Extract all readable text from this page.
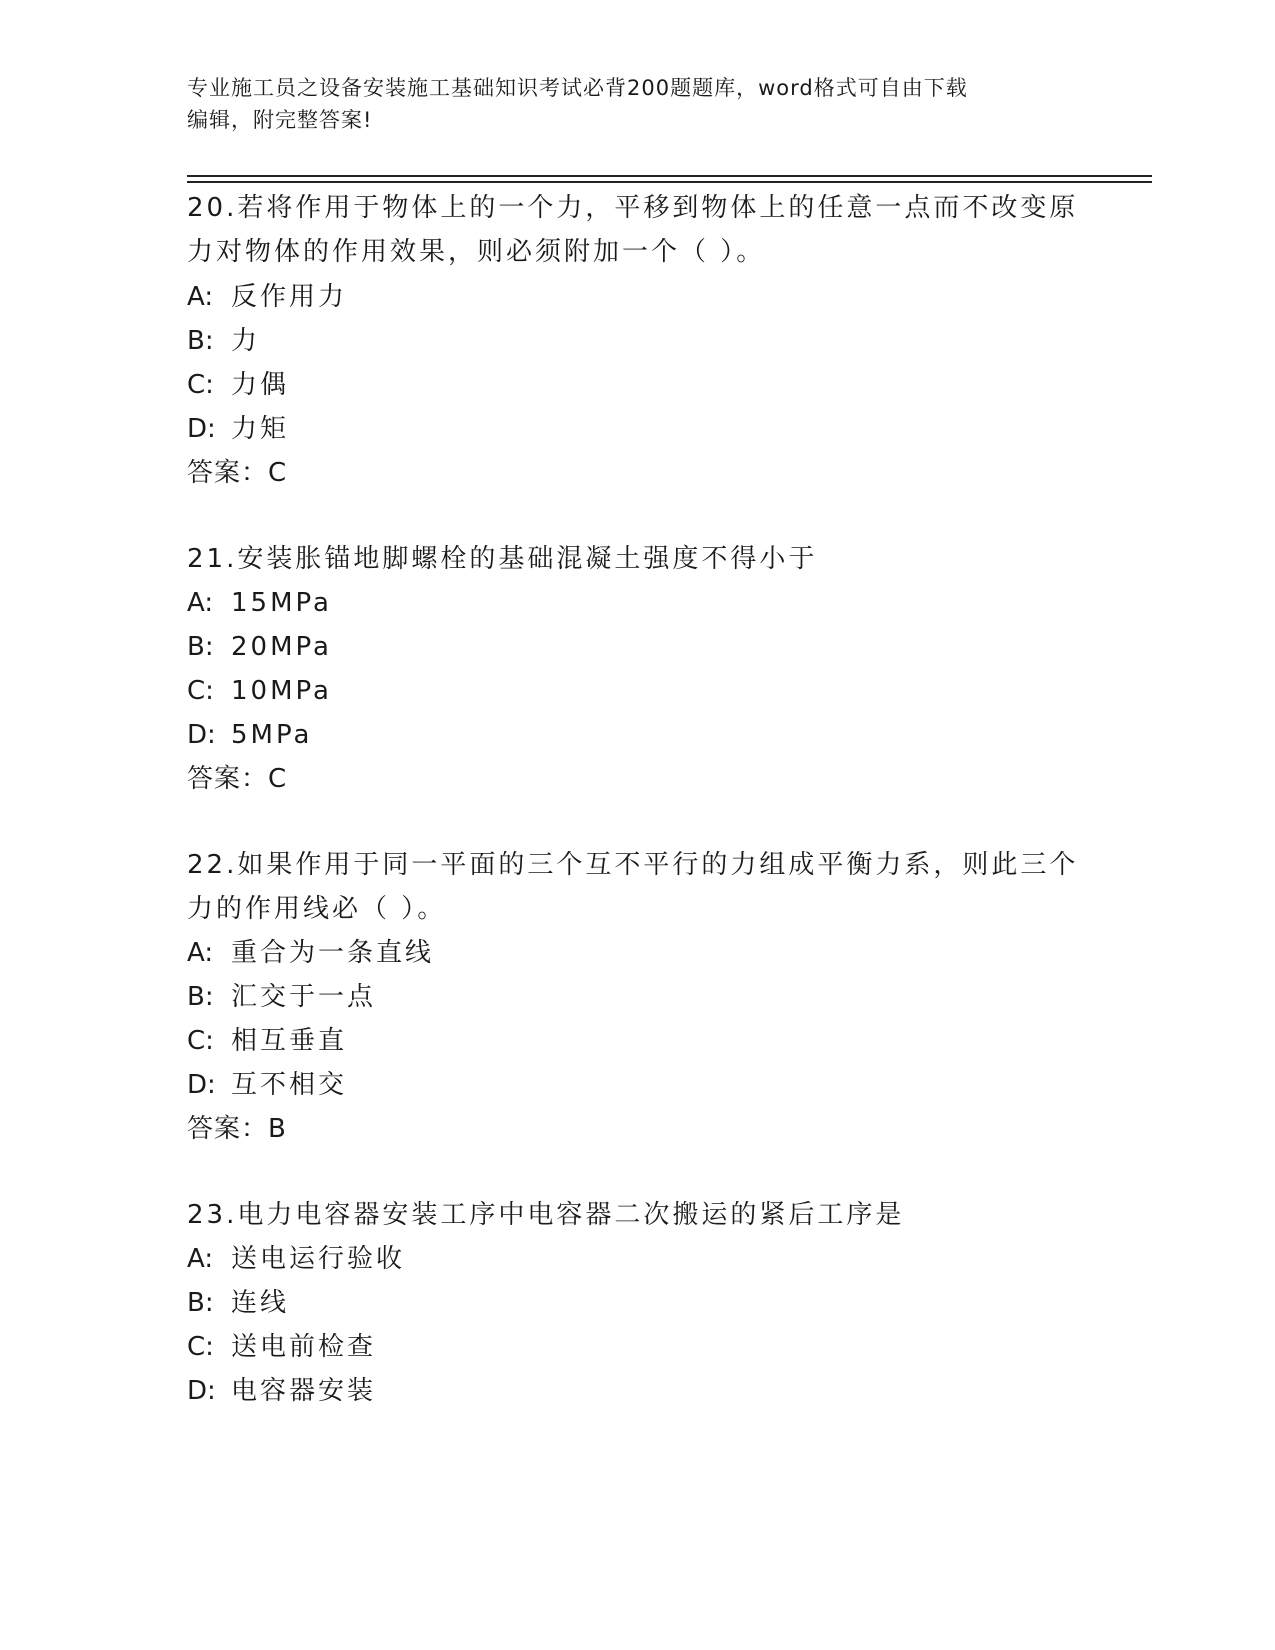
专业施工员之设备安装施工基础知识考试必背200题题库，word格式可自由下载
编辑，附完整答案!
20.若将作用于物体上的一个力，平移到物体上的任意一点而不改变原
力对物体的作用效果，则必须附加一个（ ）。
A: 反作用力
B: 力
C: 力偶
D: 力矩
答案：C
21.安装胀锚地脚螺栓的基础混凝土强度不得小于
A: 15MPa
B: 20MPa
C: 10MPa
D: 5MPa
答案：C
22.如果作用于同一平面的三个互不平行的力组成平衡力系，则此三个
力的作用线必（ ）。
A: 重合为一条直线
B: 汇交于一点
C: 相互垂直
D: 互不相交
答案：B
23.电力电容器安装工序中电容器二次搬运的紧后工序是
A: 送电运行验收
B: 连线
C: 送电前检查
D: 电容器安装
